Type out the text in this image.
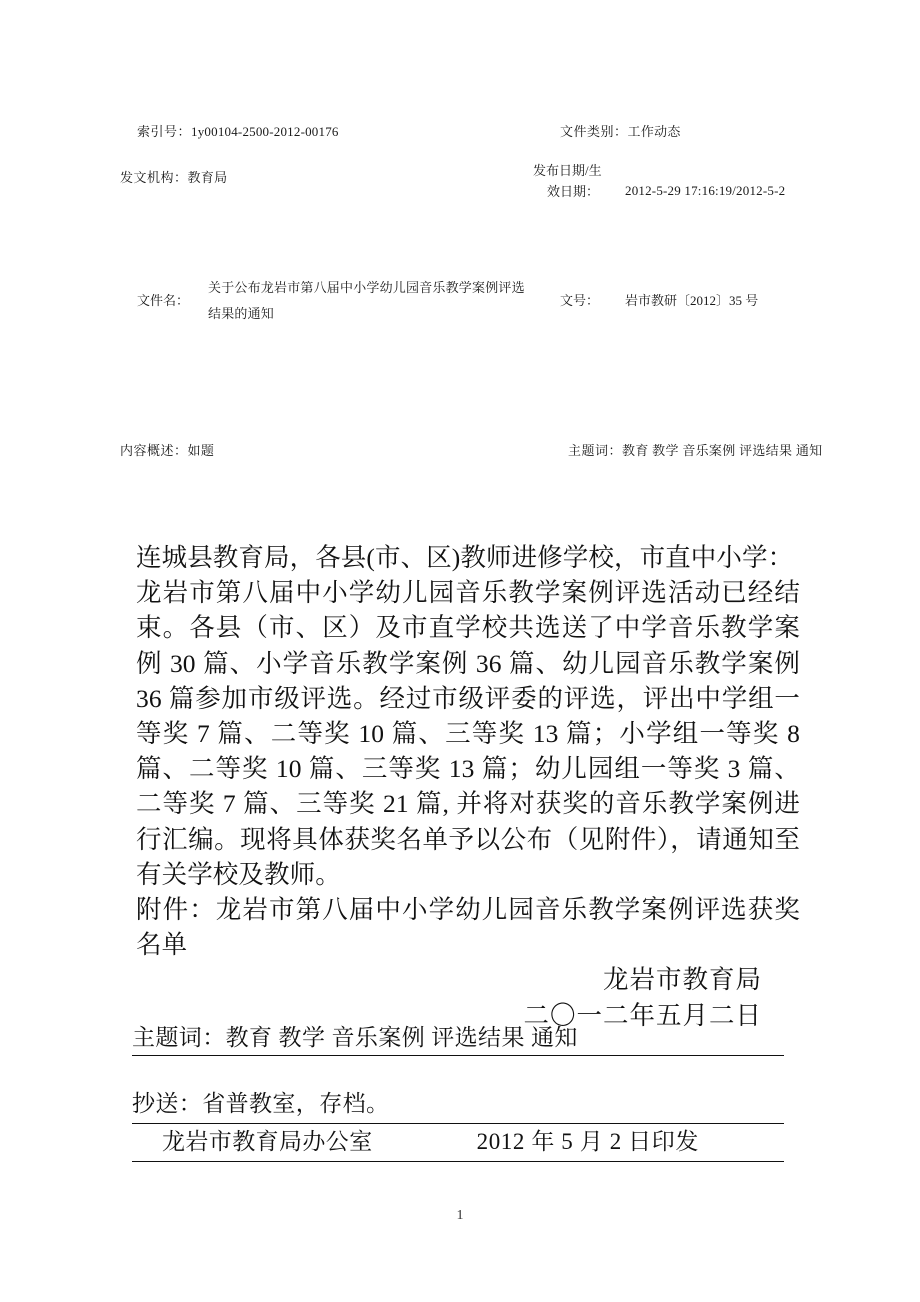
索引号：1y00104-2500-2012-00176	文件类别：工作动态
发文机构：教育局	发布日期/生
效日期：	2012-5-29 17:16:19/2012-5-2
文件名：
关于公布龙岩市第八届中小学幼儿园音乐教学案例评选结果的通知
文号： 岩市教研〔2012〕35 号
内容概述：如题	主题词：教育 教学 音乐案例 评选结果 通知

连城县教育局，各县(市、区)教师进修学校，市直中小学：

龙岩市第八届中小学幼儿园音乐教学案例评选活动已经结束。各县（市、区）及市直学校共选送了中学音乐教学案例 30 篇、小学音乐教学案例 36 篇、幼儿园音乐教学案例 36 篇参加市级评选。经过市级评委的评选，评出中学组一等奖 7 篇、二等奖 10 篇、三等奖 13 篇；小学组一等奖 8 篇、二等奖 10 篇、三等奖 13 篇；幼儿园组一等奖 3 篇、二等奖 7 篇、三等奖 21 篇, 并将对获奖的音乐教学案例进行汇编。现将具体获奖名单予以公布（见附件），请通知至有关学校及教师。

附件：龙岩市第八届中小学幼儿园音乐教学案例评选获奖名单

龙岩市教育局

二〇一二年五月二日

主题词：教育 教学 音乐案例 评选结果 通知
抄送：省普教室，存档。
龙岩市教育局办公室	2012 年 5 月 2 日印发
1
